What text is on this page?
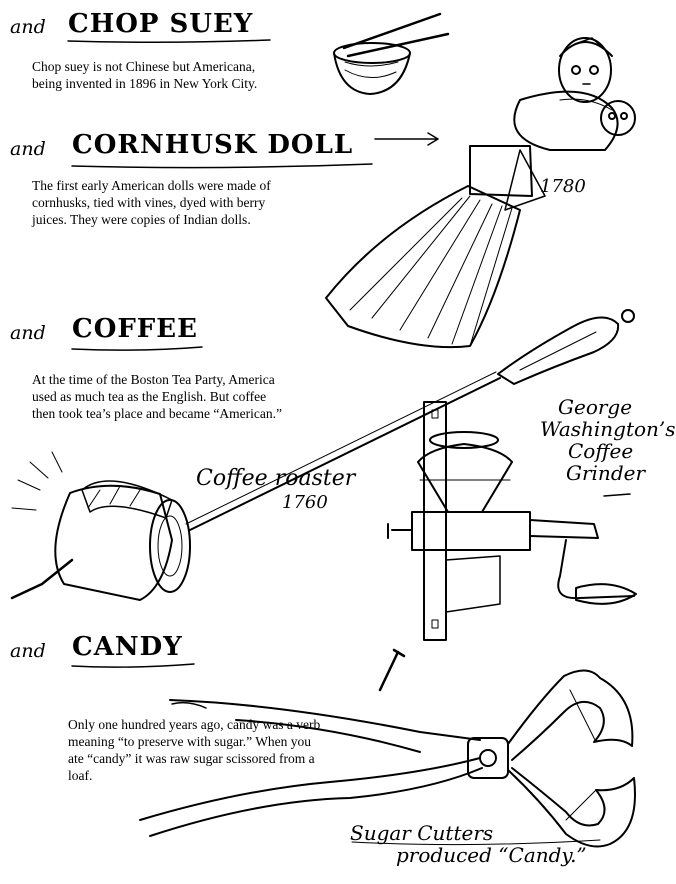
and CHOP SUEY
Chop suey is not Chinese but Americana,
being invented in 1896 in New York City.
and CORNHUSK DOLL
The first early American dolls were made of
cornhusks, tied with vines, dyed with berry
juices. They were copies of Indian dolls.
1780
and COFFEE
At the time of the Boston Tea Party, America
used as much tea as the English. But coffee
then took tea’s place and became “American.”
Coffee roaster
1760
George
Washington’s
Coffee
Grinder
and CANDY
Only one hundred years ago, candy was a verb
meaning “to preserve with sugar.” When you
ate “candy” it was raw sugar scissored from a
loaf.
Sugar Cutters
produced “Candy.”
